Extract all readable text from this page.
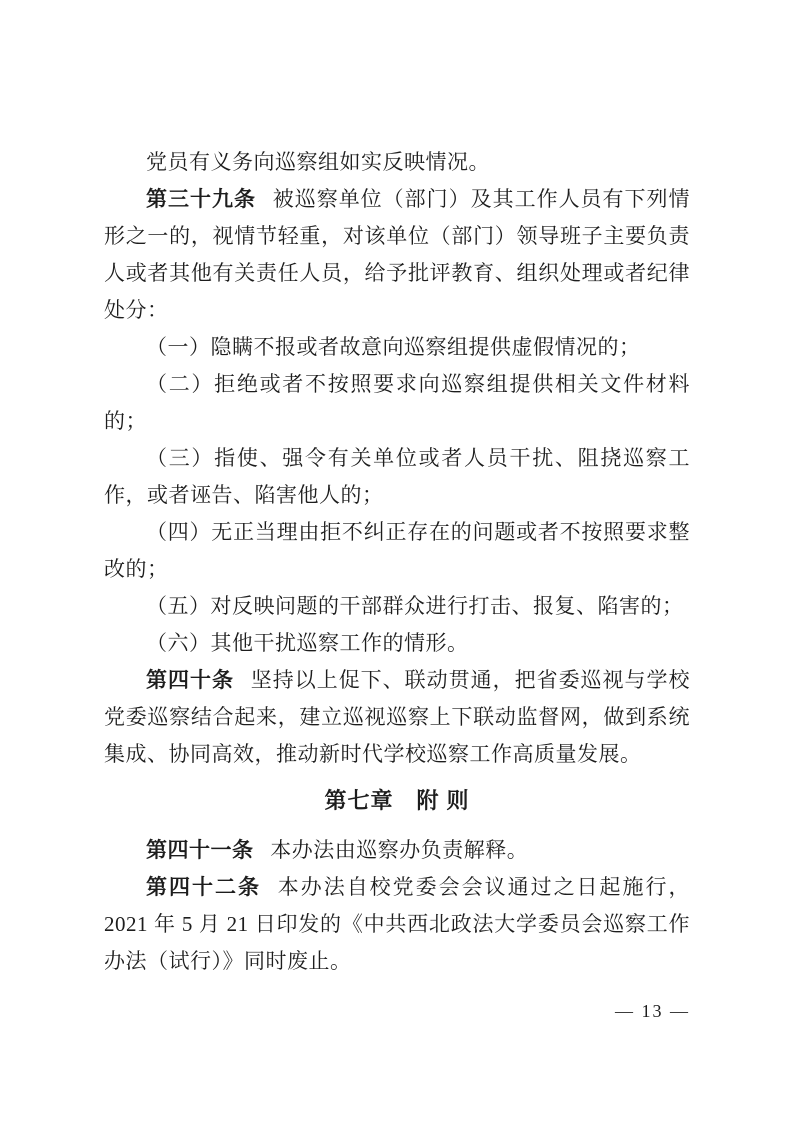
党员有义务向巡察组如实反映情况。

第三十九条 被巡察单位（部门）及其工作人员有下列情形之一的，视情节轻重，对该单位（部门）领导班子主要负责人或者其他有关责任人员，给予批评教育、组织处理或者纪律处分：

（一）隐瞒不报或者故意向巡察组提供虚假情况的；

（二）拒绝或者不按照要求向巡察组提供相关文件材料的；

（三）指使、强令有关单位或者人员干扰、阻挠巡察工作，或者诬告、陷害他人的；

（四）无正当理由拒不纠正存在的问题或者不按照要求整改的；

（五）对反映问题的干部群众进行打击、报复、陷害的；

（六）其他干扰巡察工作的情形。

第四十条 坚持以上促下、联动贯通，把省委巡视与学校党委巡察结合起来，建立巡视巡察上下联动监督网，做到系统集成、协同高效，推动新时代学校巡察工作高质量发展。

第七章　附 则

第四十一条 本办法由巡察办负责解释。

第四十二条 本办法自校党委会会议通过之日起施行，2021 年 5 月 21 日印发的《中共西北政法大学委员会巡察工作办法（试行）》同时废止。

— 13 —
